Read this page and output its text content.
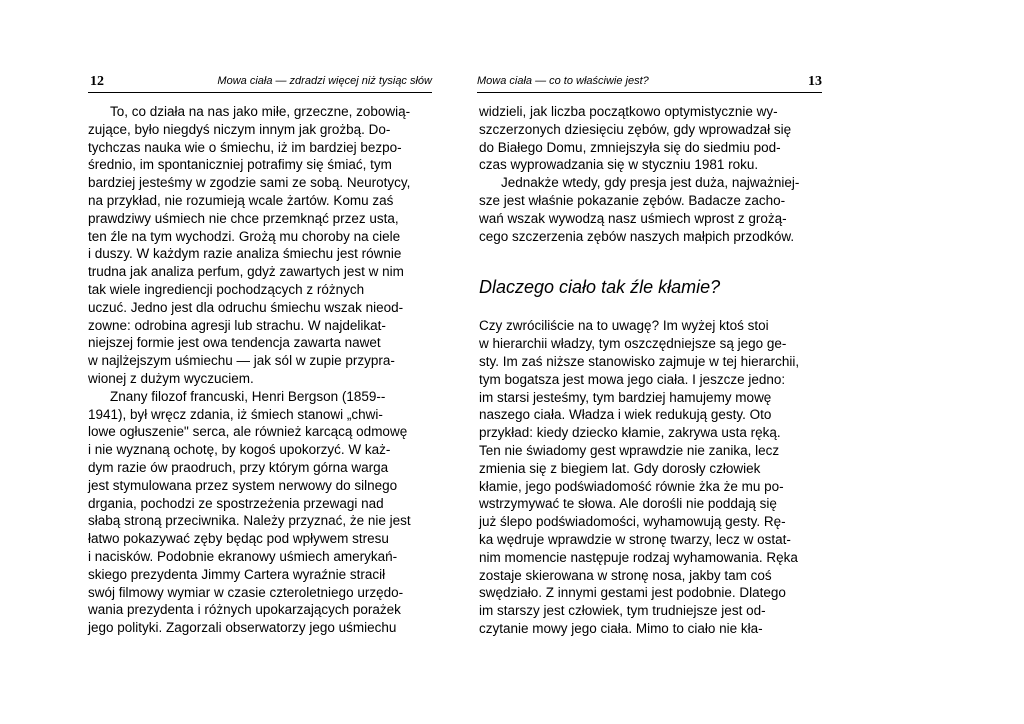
12	Mowa ciała — zdradzi więcej niż tysiąc słów
To, co działa na nas jako miłe, grzeczne, zobowią-
zujące, było niegdyś niczym innym jak grożbą. Do-
tychczas nauka wie o śmiechu, iż im bardziej bezpo-
średnio, im spontaniczniej potrafimy się śmiać, tym
bardziej jesteśmy w zgodzie sami ze sobą. Neurotycy,
na przykład, nie rozumieją wcale żartów. Komu zaś
prawdziwy uśmiech nie chce przemknąć przez usta,
ten źle na tym wychodzi. Grożą mu choroby na ciele
i duszy. W każdym razie analiza śmiechu jest równie
trudna jak analiza perfum, gdyż zawartych jest w nim
tak wiele ingrediencji pochodzących z różnych
uczuć. Jedno jest dla odruchu śmiechu wszak nieod-
zowne: odrobina agresji lub strachu. W najdelikat-
niejszej formie jest owa tendencja zawarta nawet
w najlżejszym uśmiechu — jak sól w zupie przypra-
wionej z dużym wyczuciem.
Znany filozof francuski, Henri Bergson (1859--
1941), był wręcz zdania, iż śmiech stanowi „chwi-
lowe ogłuszenie" serca, ale również karcącą odmowę
i nie wyznaną ochotę, by kogoś upokorzyć. W każ-
dym razie ów praodruch, przy którym górna warga
jest stymulowana przez system nerwowy do silnego
drgania, pochodzi ze spostrzeżenia przewagi nad
słabą stroną przeciwnika. Należy przyznać, że nie jest
łatwo pokazywać zęby będąc pod wpływem stresu
i nacisków. Podobnie ekranowy uśmiech amerykań-
skiego prezydenta Jimmy Cartera wyraźnie stracił
swój filmowy wymiar w czasie czteroletniego urzędo-
wania prezydenta i różnych upokarzających porażek
jego polityki. Zagorzali obserwatorzy jego uśmiechu
Mowa ciała — co to właściwie jest?	13
widzieli, jak liczba początkowo optymistycznie wy-
szczerzonych dziesięciu zębów, gdy wprowadzał się
do Białego Domu, zmniejszyła się do siedmiu pod-
czas wyprowadzania się w styczniu 1981 roku.
Jednakże wtedy, gdy presja jest duża, najważniej-
sze jest właśnie pokazanie zębów. Badacze zacho-
wań wszak wywodzą nasz uśmiech wprost z grożą-
cego szczerzenia zębów naszych małpich przodków.
Dlaczego ciało tak źle kłamie?
Czy zwróciliście na to uwagę? Im wyżej ktoś stoi
w hierarchii władzy, tym oszczędniejsze są jego ge-
sty. Im zaś niższe stanowisko zajmuje w tej hierarchii,
tym bogatsza jest mowa jego ciała. I jeszcze jedno:
im starsi jesteśmy, tym bardziej hamujemy mowę
naszego ciała. Władza i wiek redukują gesty. Oto
przykład: kiedy dziecko kłamie, zakrywa usta ręką.
Ten nie świadomy gest wprawdzie nie zanika, lecz
zmienia się z biegiem lat. Gdy dorosły człowiek
kłamie, jego podświadomość równie żka że mu po-
wstrzymywać te słowa. Ale dorośli nie poddają się
już ślepo podświadomości, wyhamowują gesty. Rę-
ka wędruje wprawdzie w stronę twarzy, lecz w ostat-
nim momencie następuje rodzaj wyhamowania. Ręka
zostaje skierowana w stronę nosa, jakby tam coś
swędziało. Z innymi gestami jest podobnie. Dlatego
im starszy jest człowiek, tym trudniejsze jest od-
czytanie mowy jego ciała. Mimo to ciało nie kła-
